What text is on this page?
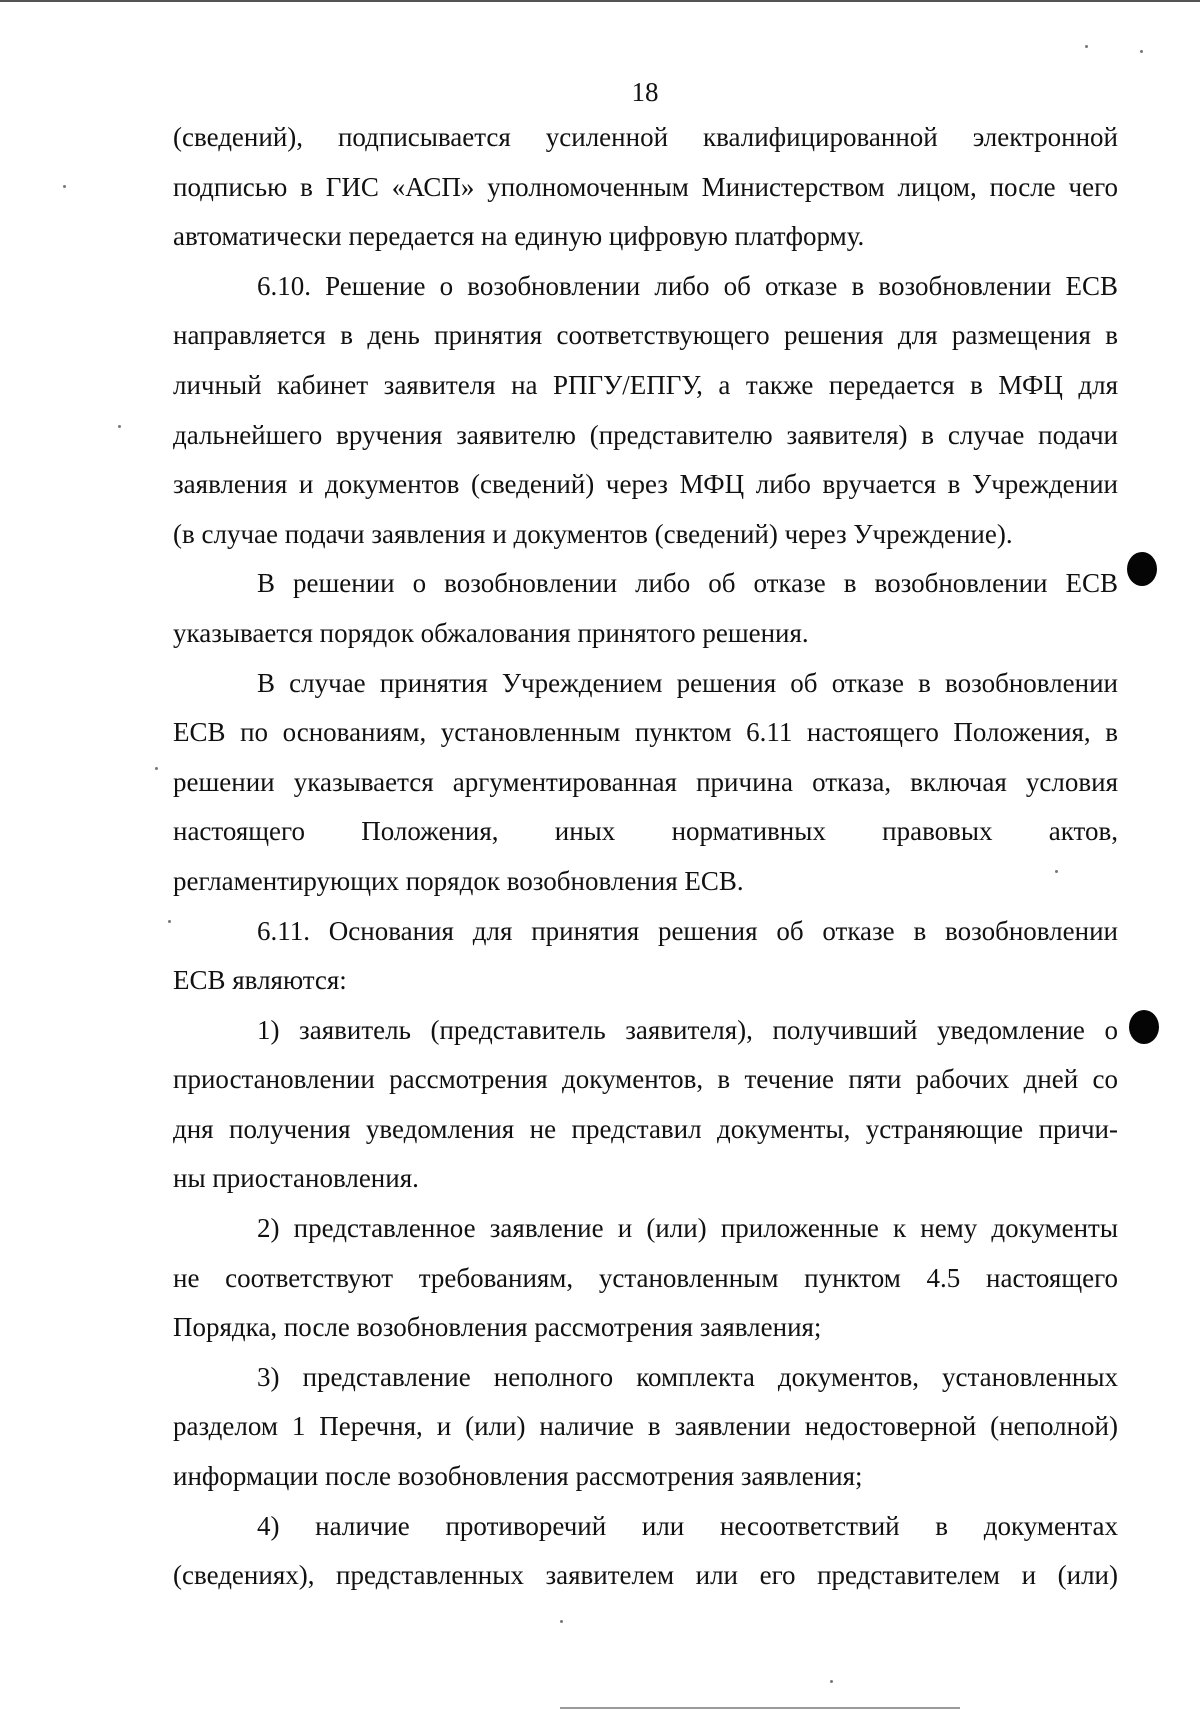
18
(сведений), подписывается усиленной квалифицированной электронной
подписью в ГИС «АСП» уполномоченным Министерством лицом, после чего
автоматически передается на единую цифровую платформу.
6.10. Решение о возобновлении либо об отказе в возобновлении ЕСВ
направляется в день принятия соответствующего решения для размещения в
личный кабинет заявителя на РПГУ/ЕПГУ, а также передается в МФЦ для
дальнейшего вручения заявителю (представителю заявителя) в случае подачи
заявления и документов (сведений) через МФЦ либо вручается в Учреждении
(в случае подачи заявления и документов (сведений) через Учреждение).
В решении о возобновлении либо об отказе в возобновлении ЕСВ
указывается порядок обжалования принятого решения.
В случае принятия Учреждением решения об отказе в возобновлении
ЕСВ по основаниям, установленным пунктом 6.11 настоящего Положения, в
решении указывается аргументированная причина отказа, включая условия
настоящего Положения, иных нормативных правовых актов,
регламентирующих порядок возобновления ЕСВ.
6.11. Основания для принятия решения об отказе в возобновлении
ЕСВ являются:
1) заявитель (представитель заявителя), получивший уведомление о
приостановлении рассмотрения документов, в течение пяти рабочих дней со
дня получения уведомления не представил документы, устраняющие причи-
ны приостановления.
2) представленное заявление и (или) приложенные к нему документы
не соответствуют требованиям, установленным пунктом 4.5 настоящего
Порядка, после возобновления рассмотрения заявления;
3) представление неполного комплекта документов, установленных
разделом 1 Перечня, и (или) наличие в заявлении недостоверной (неполной)
информации после возобновления рассмотрения заявления;
4) наличие противоречий или несоответствий в документах
(сведениях), представленных заявителем или его представителем и (или)
